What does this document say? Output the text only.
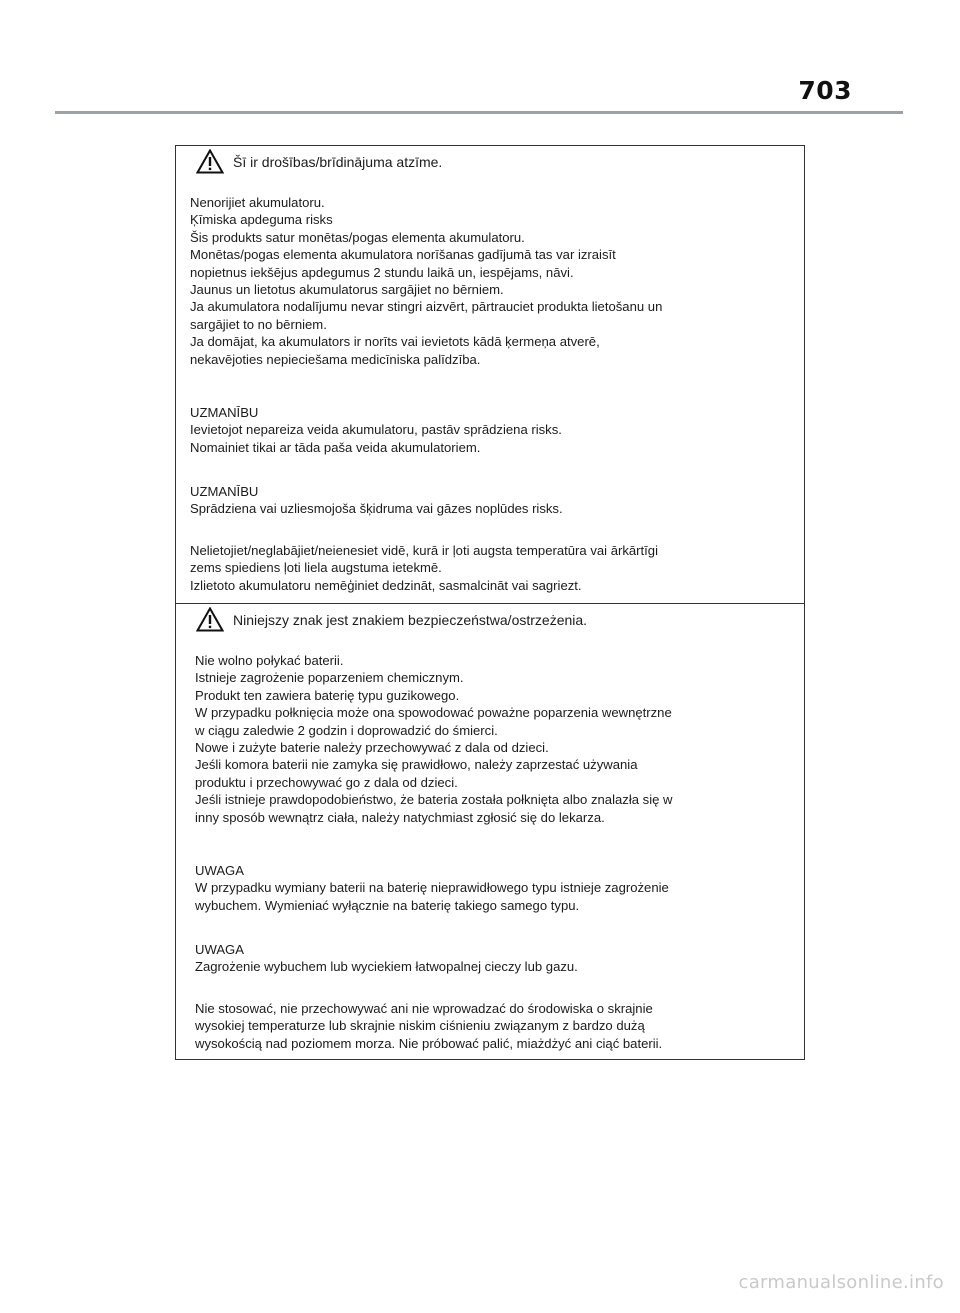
703
Šī ir drošības/brīdinājuma atzīme.
Nenorijiet akumulatoru.
Ķīmiska apdeguma risks
Šis produkts satur monētas/pogas elementa akumulatoru.
Monētas/pogas elementa akumulatora norīšanas gadījumā tas var izraisīt
nopietnus iekšējus apdegumus 2 stundu laikā un, iespējams, nāvi.
Jaunus un lietotus akumulatorus sargājiet no bērniem.
Ja akumulatora nodalījumu nevar stingri aizvērt, pārtrauciet produkta lietošanu un
sargājiet to no bērniem.
Ja domājat, ka akumulators ir norīts vai ievietots kādā ķermeņa atverē,
nekavējoties nepieciešama medicīniska palīdzība.
UZMANĪBU
Ievietojot nepareiza veida akumulatoru, pastāv sprādziena risks.
Nomainiet tikai ar tāda paša veida akumulatoriem.
UZMANĪBU
Sprādziena vai uzliesmojoša šķidruma vai gāzes noplūdes risks.
Nelietojiet/neglabājiet/neienesiet vidē, kurā ir ļoti augsta temperatūra vai ārkārtīgi
zems spiediens ļoti liela augstuma ietekmē.
Izlietoto akumulatoru nemēģiniet dedzināt, sasmalcināt vai sagriezt.
Niniejszy znak jest znakiem bezpieczeństwa/ostrzeżenia.
Nie wolno połykać baterii.
Istnieje zagrożenie poparzeniem chemicznym.
Produkt ten zawiera baterię typu guzikowego.
W przypadku połknięcia może ona spowodować poważne poparzenia wewnętrzne
w ciągu zaledwie 2 godzin i doprowadzić do śmierci.
Nowe i zużyte baterie należy przechowywać z dala od dzieci.
Jeśli komora baterii nie zamyka się prawidłowo, należy zaprzestać używania
produktu i przechowywać go z dala od dzieci.
Jeśli istnieje prawdopodobieństwo, że bateria została połknięta albo znalazła się w
inny sposób wewnątrz ciała, należy natychmiast zgłosić się do lekarza.
UWAGA
W przypadku wymiany baterii na baterię nieprawidłowego typu istnieje zagrożenie
wybuchem. Wymieniać wyłącznie na baterię takiego samego typu.
UWAGA
Zagrożenie wybuchem lub wyciekiem łatwopalnej cieczy lub gazu.
Nie stosować, nie przechowywać ani nie wprowadzać do środowiska o skrajnie
wysokiej temperaturze lub skrajnie niskim ciśnieniu związanym z bardzo dużą
wysokością nad poziomem morza. Nie próbować palić, miażdżyć ani ciąć baterii.
carmanualsonline.info
